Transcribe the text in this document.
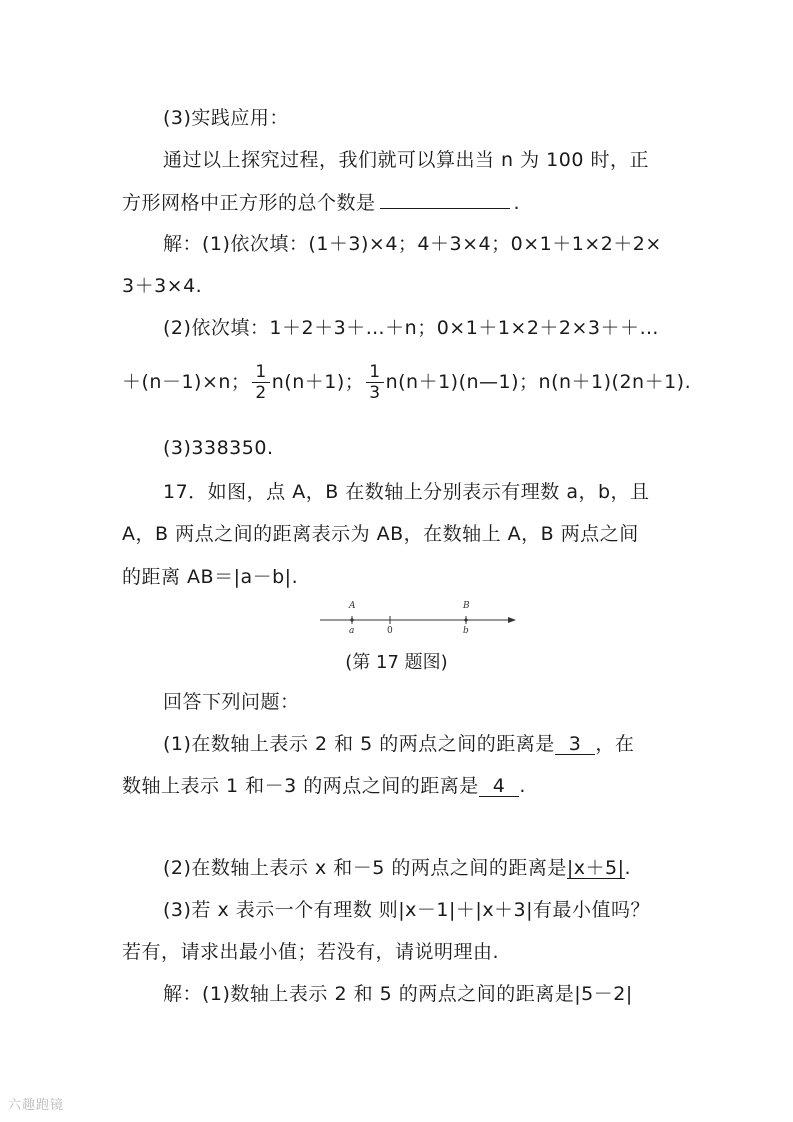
(3)实践应用：
通过以上探究过程，我们就可以算出当 n 为 100 时，正
方形网格中正方形的总个数是	.
解：(1)依次填：(1＋3)×4；4＋3×4；0×1＋1×2＋2×
3＋3×4.
(2)依次填：1＋2＋3＋…＋n；0×1＋1×2＋2×3＋＋…
＋(n－1)×n； $\frac{1}{2} n(n+1)$； $\frac{1}{3}$ n(n＋1)(n—1)；n(n＋1)(2n＋1).
(3)338350.
17．如图，点 A，B 在数轴上分别表示有理数 a，b，且
A，B 两点之间的距离表示为 AB，在数轴上 A，B 两点之间
的距离 AB＝|a－b|.
A	B
a	0	b
(第 17 题图)
回答下列问题：
(1)在数轴上表示 2 和 5 的两点之间的距离是 3 ，在
数轴上表示 1 和－3 的两点之间的距离是 4 .
(2)在数轴上表示 x 和－5 的两点之间的距离是|x＋5|.
(3)若 x 表示一个有理数 则|x－1|＋|x＋3|有最小值吗？
若有，请求出最小值；若没有，请说明理由.
解：(1)数轴上表示 2 和 5 的两点之间的距离是|5－2|
六趣跑镜
